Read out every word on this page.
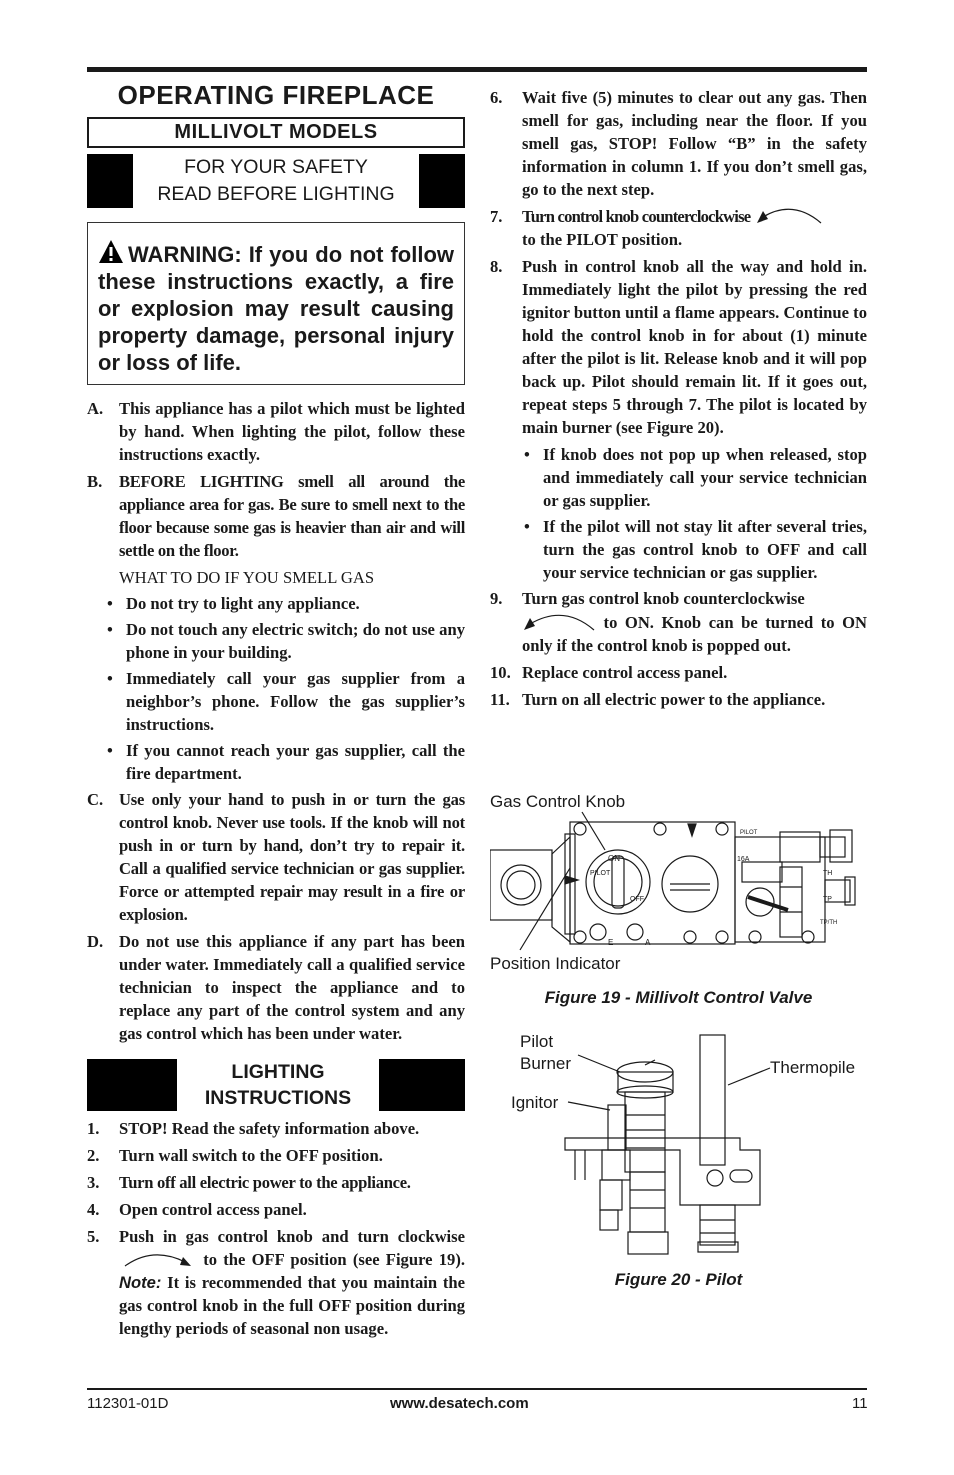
OPERATING FIREPLACE
MILLIVOLT MODELS
FOR YOUR SAFETY
READ BEFORE LIGHTING
WARNING: If you do not follow these instructions exactly, a fire or explosion may result causing property damage, personal injury or loss of life.
A. This appliance has a pilot which must be lighted by hand. When lighting the pilot, follow these instructions exactly.
B.	BEFORE LIGHTING smell all around the appliance area for gas. Be sure to smell next to the floor because some gas is heavier than air and will settle on the floor.
WHAT TO DO IF YOU SMELL GAS
• Do not try to light any appliance.
• Do not touch any electric switch; do not use any phone in your building.
• Immediately call your gas supplier from a neighbor’s phone. Follow the gas supplier’s instructions.
• If you cannot reach your gas supplier, call the fire department.
C. Use only your hand to push in or turn the gas control knob. Never use tools. If the knob will not push in or turn by hand, don’t try to repair it. Call a qualified service technician or gas supplier. Force or attempted repair may result in a fire or explosion.
D. Do not use this appliance if any part has been under water. Immediately call a qualified service technician to inspect the appliance and to replace any part of the control system and any gas control which has been under water.
LIGHTING
INSTRUCTIONS
1.	STOP! Read the safety information above.
2.	Turn wall switch to the OFF position.
3.	Turn off all electric power to the appliance.
4.	Open control access panel.
5.	Push in gas control knob and turn clockwise  to the OFF position (see Figure 19). Note: It is recommended that you maintain the gas control knob in the full OFF position during lengthy periods of seasonal non usage.
6.	Wait five (5) minutes to clear out any gas. Then smell for gas, including near the floor. If you smell gas, STOP! Follow “B” in the safety information in column 1. If you don’t smell gas, go to the next step.
7.	Turn control knob counterclockwise
to the PILOT position.
8.	Push in control knob all the way and hold in. Immediately light the pilot by pressing the red ignitor button until a flame appears. Continue to hold the control knob in for about (1) minute after the pilot is lit. Release knob and it will pop back up. Pilot should remain lit. If it goes out, repeat steps 5 through 7. The pilot is located by main burner (see Figure 20).
• If knob does not pop up when released, stop and immediately call your service technician or gas supplier.
• If the pilot will not stay lit after several tries, turn the gas control knob to OFF and call your service technician or gas supplier.
9.	Turn gas control knob counterclockwise
to ON. Knob can be turned to ON only if the control knob is popped out.
10. Replace control access panel.
11. Turn on all electric power to the appliance.
Gas Control Knob
Position Indicator
ON
PILOT
OFF
E	A
16A
PILOT
TH
TP
TP/TH
Figure 19 - Millivolt Control Valve
Pilot
Burner
Ignitor
Thermopile
Figure 20 - Pilot
112301-01D	www.desatech.com	11
